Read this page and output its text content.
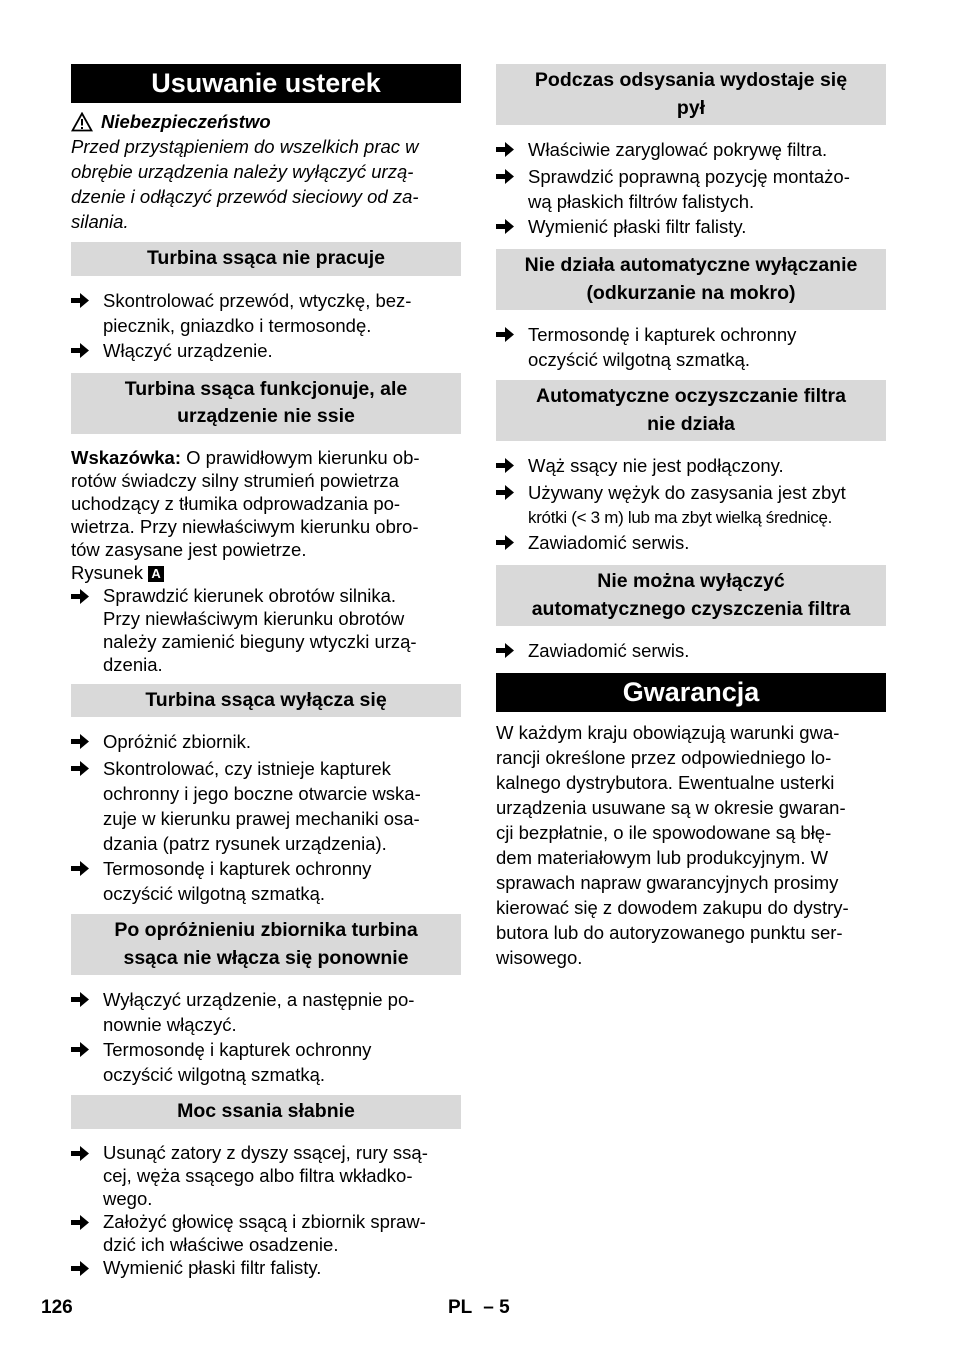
Usuwanie usterek

Niebezpieczeństwo

Przed przystąpieniem do wszelkich prac w

obrębie urządzenia należy wyłączyć urzą-

dzenie i odłączyć przewód sieciowy od za-

silania.

Turbina ssąca nie pracuje

Skontrolować przewód, wtyczkę, bez-

piecznik, gniazdko i termosondę.

Włączyć urządzenie.

Turbina ssąca funkcjonuje, ale
urządzenie nie ssie

Wskazówka: O prawidłowym kierunku ob-

rotów świadczy silny strumień powietrza

uchodzący z tłumika odprowadzania po-

wietrza. Przy niewłaściwym kierunku obro-

tów zasysane jest powietrze.

Rysunek A

Sprawdzić kierunek obrotów silnika.

Przy niewłaściwym kierunku obrotów

należy zamienić bieguny wtyczki urzą-

dzenia.

Turbina ssąca wyłącza się

Opróżnić zbiornik.

Skontrolować, czy istnieje kapturek

ochronny i jego boczne otwarcie wska-

zuje w kierunku prawej mechaniki osa-

dzania (patrz rysunek urządzenia).

Termosondę i kapturek ochronny

oczyścić wilgotną szmatką.

Po opróżnieniu zbiornika turbina
ssąca nie włącza się ponownie

Wyłączyć urządzenie, a następnie po-

nownie włączyć.

Termosondę i kapturek ochronny

oczyścić wilgotną szmatką.

Moc ssania słabnie

Usunąć zatory z dyszy ssącej, rury ssą-

cej, węża ssącego albo filtra wkładko-

wego.

Założyć głowicę ssącą i zbiornik spraw-

dzić ich właściwe osadzenie.

Wymienić płaski filtr falisty.

Podczas odsysania wydostaje się
pył

Właściwie zaryglować pokrywę filtra.

Sprawdzić poprawną pozycję montażo-

wą płaskich filtrów falistych.

Wymienić płaski filtr falisty.

Nie działa automatyczne wyłączanie
(odkurzanie na mokro)

Termosondę i kapturek ochronny

oczyścić wilgotną szmatką.

Automatyczne oczyszczanie filtra
nie działa

Wąż ssący nie jest podłączony.

Używany wężyk do zasysania jest zbyt

krótki (< 3 m) lub ma zbyt wielką średnicę.

Zawiadomić serwis.

Nie można wyłączyć
automatycznego czyszczenia filtra

Zawiadomić serwis.

Gwarancja

W każdym kraju obowiązują warunki gwa-

rancji określone przez odpowiedniego lo-

kalnego dystrybutora. Ewentualne usterki

urządzenia usuwane są w okresie gwaran-

cji bezpłatnie, o ile spowodowane są błę-

dem materiałowym lub produkcyjnym. W

sprawach napraw gwarancyjnych prosimy

kierować się z dowodem zakupu do dystry-

butora lub do autoryzowanego punktu ser-

wisowego.

126	PL – 5
